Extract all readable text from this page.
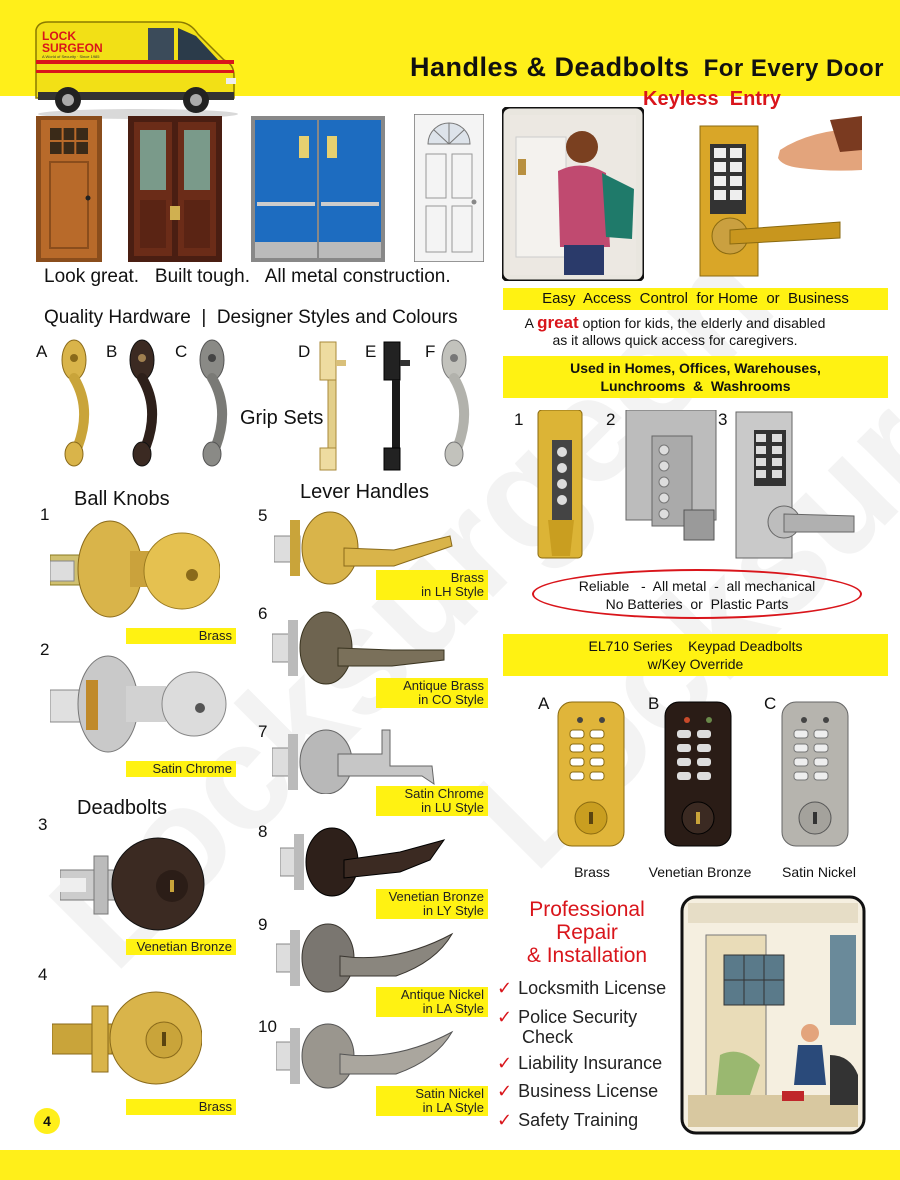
LOCK
SURGEON
A World of Security · Since 1985	Handles & Deadbolts For Every Door
Keyless  Entry
Look great.   Built tough.   All metal construction.
Quality Hardware  |  Designer Styles and Colours
A	B	C	D	E	F
Grip Sets
Ball Knobs
1
Brass
2
Satin Chrome
Deadbolts
3
Venetian Bronze
4
Brass
4
Lever Handles
5
Brass
in LH Style
6
Antique Brass
in CO Style
7
Satin Chrome
in LU Style
8
Venetian Bronze
in LY Style
9
Antique Nickel
in LA Style
10
Satin Nickel
in LA Style
Easy  Access  Control  for Home  or  Business
A great option for kids, the elderly and disabled
as it allows quick access for caregivers.
Used in Homes, Offices, Warehouses,
Lunchrooms  &  Washrooms
1	2	3
Reliable   -  All metal  -  all mechanical
No Batteries  or  Plastic Parts
EL710 Series    Keypad Deadbolts
w/Key Override
A	B	C
Brass	Venetian Bronze	Satin Nickel
Professional
Repair
& Installation
✓ Locksmith License
✓ Police Security
Check
✓ Liability Insurance
✓ Business License
✓ Safety Training
